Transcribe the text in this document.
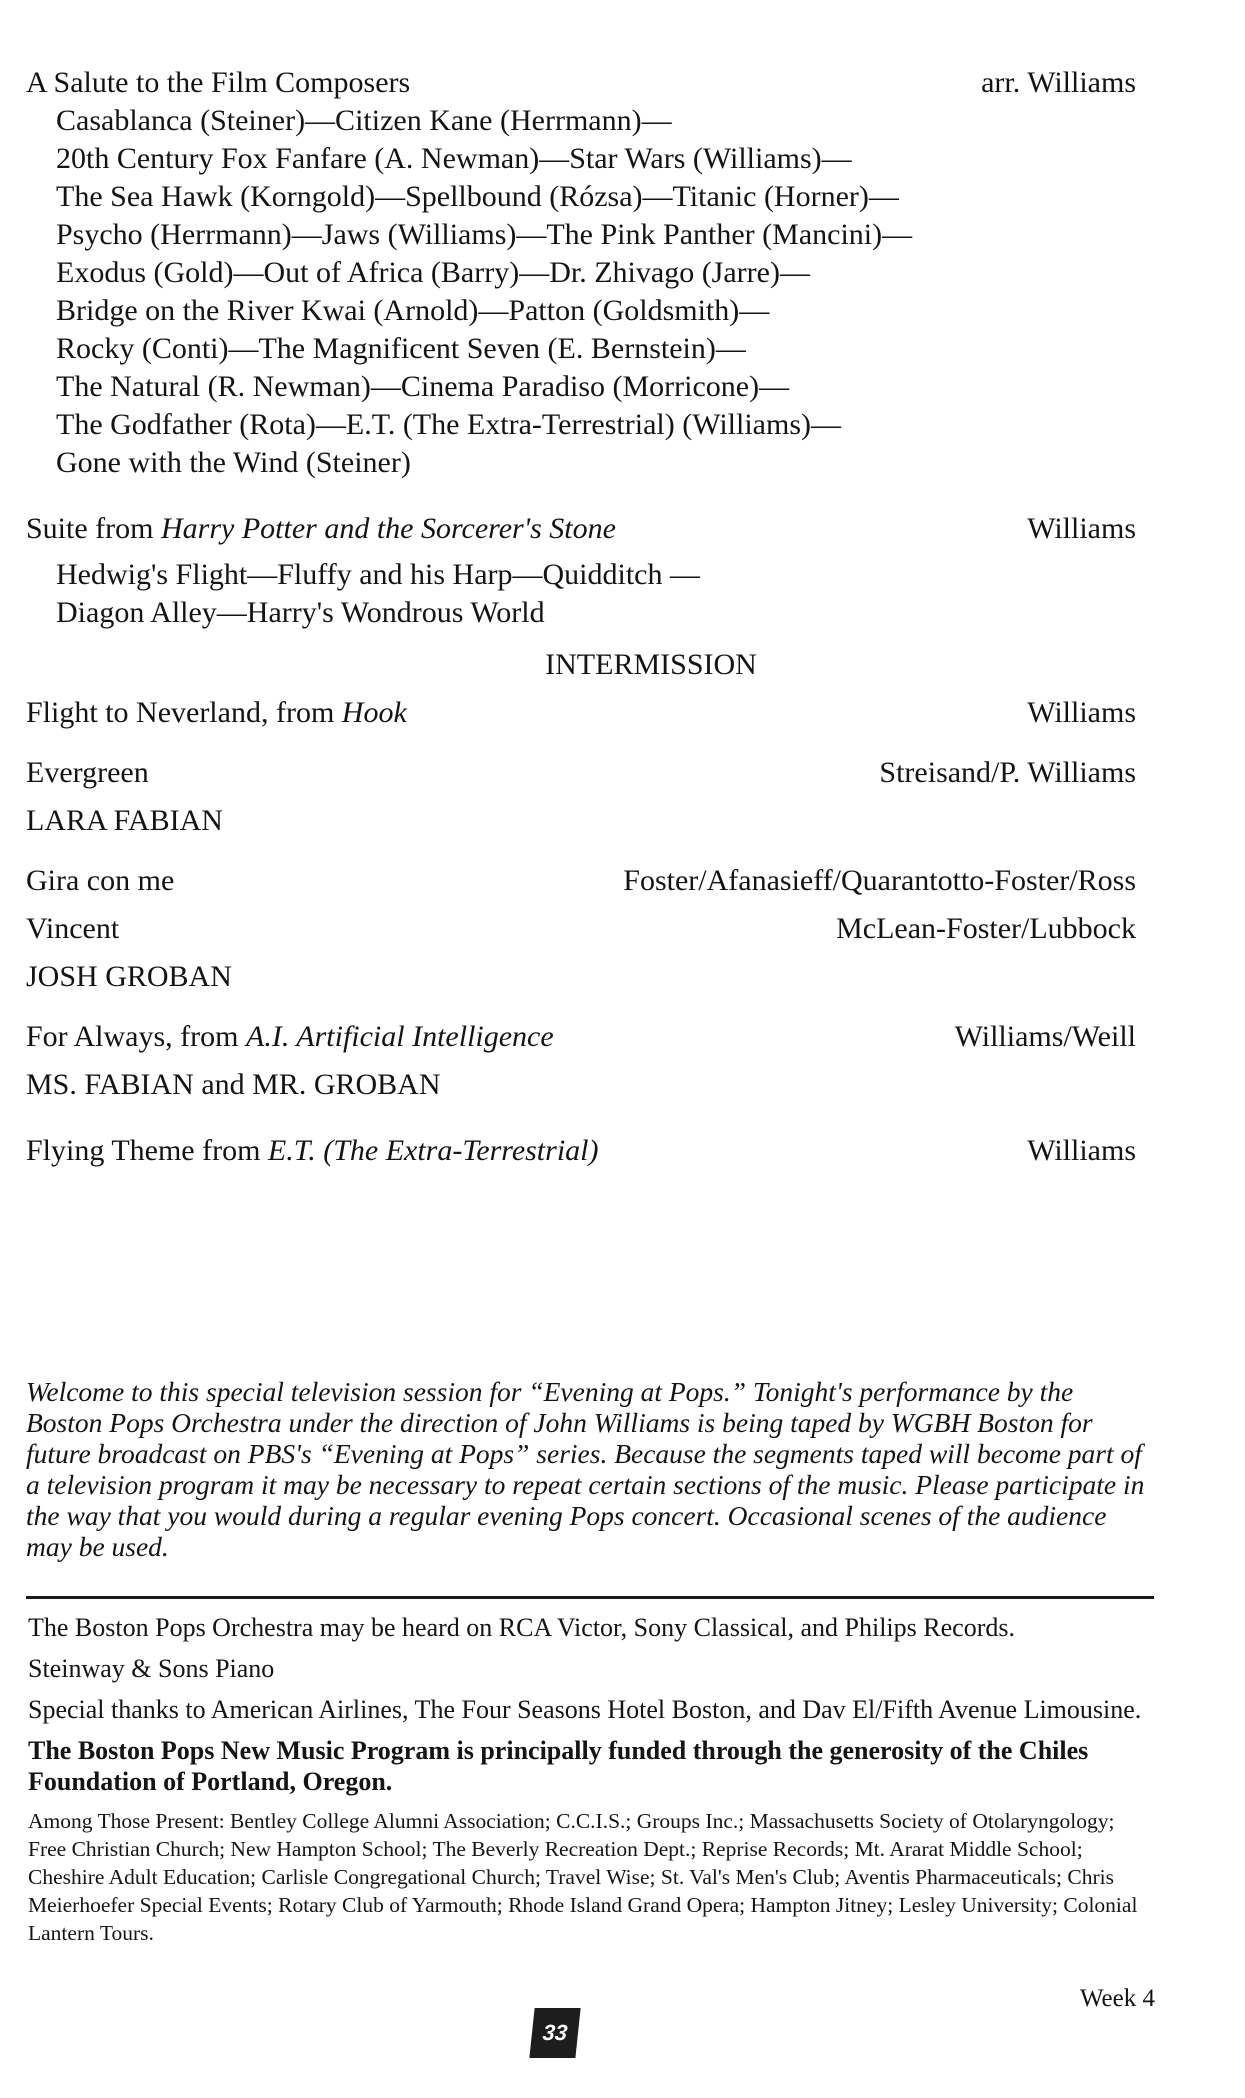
A Salute to the Film Composers	arr. Williams
Casablanca (Steiner)—Citizen Kane (Herrmann)—
20th Century Fox Fanfare (A. Newman)—Star Wars (Williams)—
The Sea Hawk (Korngold)—Spellbound (Rózsa)—Titanic (Horner)—
Psycho (Herrmann)—Jaws (Williams)—The Pink Panther (Mancini)—
Exodus (Gold)—Out of Africa (Barry)—Dr. Zhivago (Jarre)—
Bridge on the River Kwai (Arnold)—Patton (Goldsmith)—
Rocky (Conti)—The Magnificent Seven (E. Bernstein)—
The Natural (R. Newman)—Cinema Paradiso (Morricone)—
The Godfather (Rota)—E.T. (The Extra-Terrestrial) (Williams)—
Gone with the Wind (Steiner)
Suite from Harry Potter and the Sorcerer's Stone	Williams
Hedwig's Flight—Fluffy and his Harp—Quidditch —
Diagon Alley—Harry's Wondrous World
INTERMISSION
Flight to Neverland, from Hook	Williams
Evergreen	Streisand/P. Williams
LARA FABIAN
Gira con me	Foster/Afanasieff/Quarantotto-Foster/Ross
Vincent	McLean-Foster/Lubbock
JOSH GROBAN
For Always, from A.I. Artificial Intelligence	Williams/Weill
MS. FABIAN and MR. GROBAN
Flying Theme from E.T. (The Extra-Terrestrial)	Williams

Welcome to this special television session for “Evening at Pops.” Tonight's performance by the Boston Pops Orchestra under the direction of John Williams is being taped by WGBH Boston for future broadcast on PBS's “Evening at Pops” series. Because the segments taped will become part of a television program it may be necessary to repeat certain sections of the music. Please participate in the way that you would during a regular evening Pops concert. Occasional scenes of the audience may be used.

The Boston Pops Orchestra may be heard on RCA Victor, Sony Classical, and Philips Records.

Steinway & Sons Piano

Special thanks to American Airlines, The Four Seasons Hotel Boston, and Dav El/Fifth Avenue Limousine.

The Boston Pops New Music Program is principally funded through the generosity of the Chiles Foundation of Portland, Oregon.

Among Those Present: Bentley College Alumni Association; C.C.I.S.; Groups Inc.; Massachusetts Society of Otolaryngology; Free Christian Church; New Hampton School; The Beverly Recreation Dept.; Reprise Records; Mt. Ararat Middle School; Cheshire Adult Education; Carlisle Congregational Church; Travel Wise; St. Val's Men's Club; Aventis Pharmaceuticals; Chris Meierhoefer Special Events; Rotary Club of Yarmouth; Rhode Island Grand Opera; Hampton Jitney; Lesley University; Colonial Lantern Tours.

Week 4
33
